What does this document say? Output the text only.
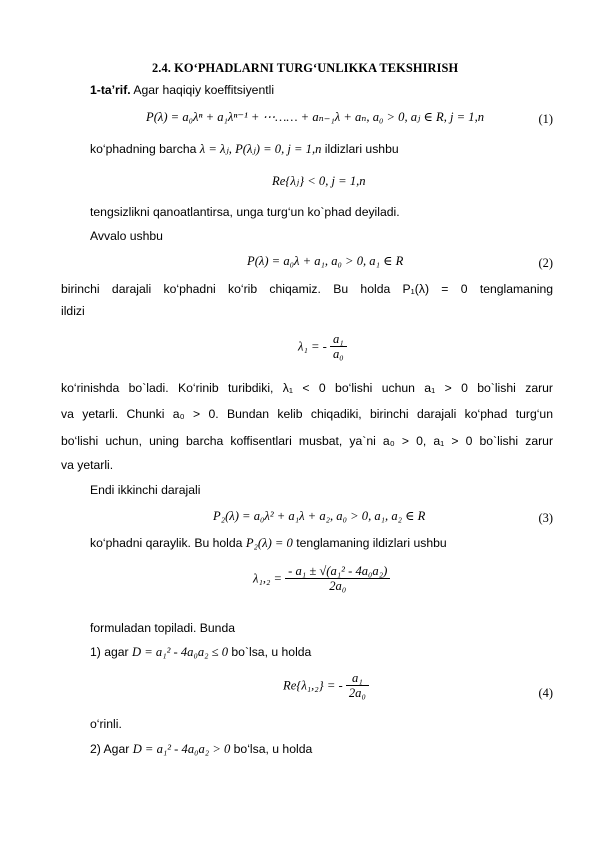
2.4. KO‘PHADLARNI TURG‘UNLIKKA TEKSHIRISH
1-ta’rif. Agar haqiqiy koeffitsiyentli
P(λ) = a₀λⁿ + a₁λⁿ⁻¹ + ⋯…… + aₙ₋₁λ + aₙ, a₀ > 0, aⱼ ∈ R, j = 1,n	(1)
ko‘phadning barcha λ = λⱼ, P(λⱼ) = 0, j = 1,n ildizlari ushbu
Re{λⱼ} < 0, j = 1,n
tengsizlikni qanoatlantirsa, unga turg‘un ko`phad deyiladi.
Avvalo ushbu
P(λ) = a₀λ + a₁, a₀ > 0, a₁ ∈ R	(2)
birinchi darajali ko‘phadni ko‘rib chiqamiz. Bu holda P₁(λ) = 0 tenglamaning
ildizi
λ₁ = - $\frac{\text{a₁}}{\text{a₀}}$
ko‘rinishda bo`ladi. Ko‘rinib turibdiki, λ₁ < 0 bo‘lishi uchun a₁ > 0 bo`lishi zarur
va yetarli. Chunki a₀ > 0. Bundan kelib chiqadiki, birinchi darajali ko‘phad turg‘un
bo‘lishi uchun, uning barcha koffisentlari musbat, ya`ni a₀ > 0, a₁ > 0 bo`lishi zarur
va yetarli.
Endi ikkinchi darajali
P₂(λ) = a₀λ² + a₁λ + a₂, a₀ > 0, a₁, a₂ ∈ R	(3)
ko‘phadni qaraylik. Bu holda P₂(λ) = 0 tenglamaning ildizlari ushbu
$\lambda_1,_2 = \frac{\text{- a₁ ± √(a₁² - 4a₀a₂)}}{\text{2a₀}}$
formuladan topiladi. Bunda
1) agar D = a₁² - 4a₀a₂ ≤ 0 bo`lsa, u holda
Re{λ₁,₂} = - $\frac{\text{a₁}}{\text{2a₀}}$	(4)
o‘rinli.
2) Agar D = a₁² - 4a₀a₂ > 0 bo‘lsa, u holda
